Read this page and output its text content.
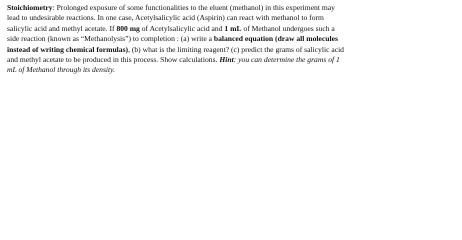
Stoichiometry: Prolonged exposure of some functionalities to the eluent (methanol) in this experiment may
lead to undesirable reactions. In one case, Acetylsalicylic acid (Aspirin) can react with methanol to form
salicylic acid and methyl acetate. If 800 mg of Acetylsalicylic acid and 1 mL of Methanol undergoes such a
side reaction (known as “Methanolysis”) to completion : (a) write a balanced equation (draw all molecules
instead of writing chemical formulas), (b) what is the limiting reagent? (c) predict the grams of salicylic acid
and methyl acetate to be produced in this process. Show calculations. Hint: you can determine the grams of 1
mL of Methanol through its density.
